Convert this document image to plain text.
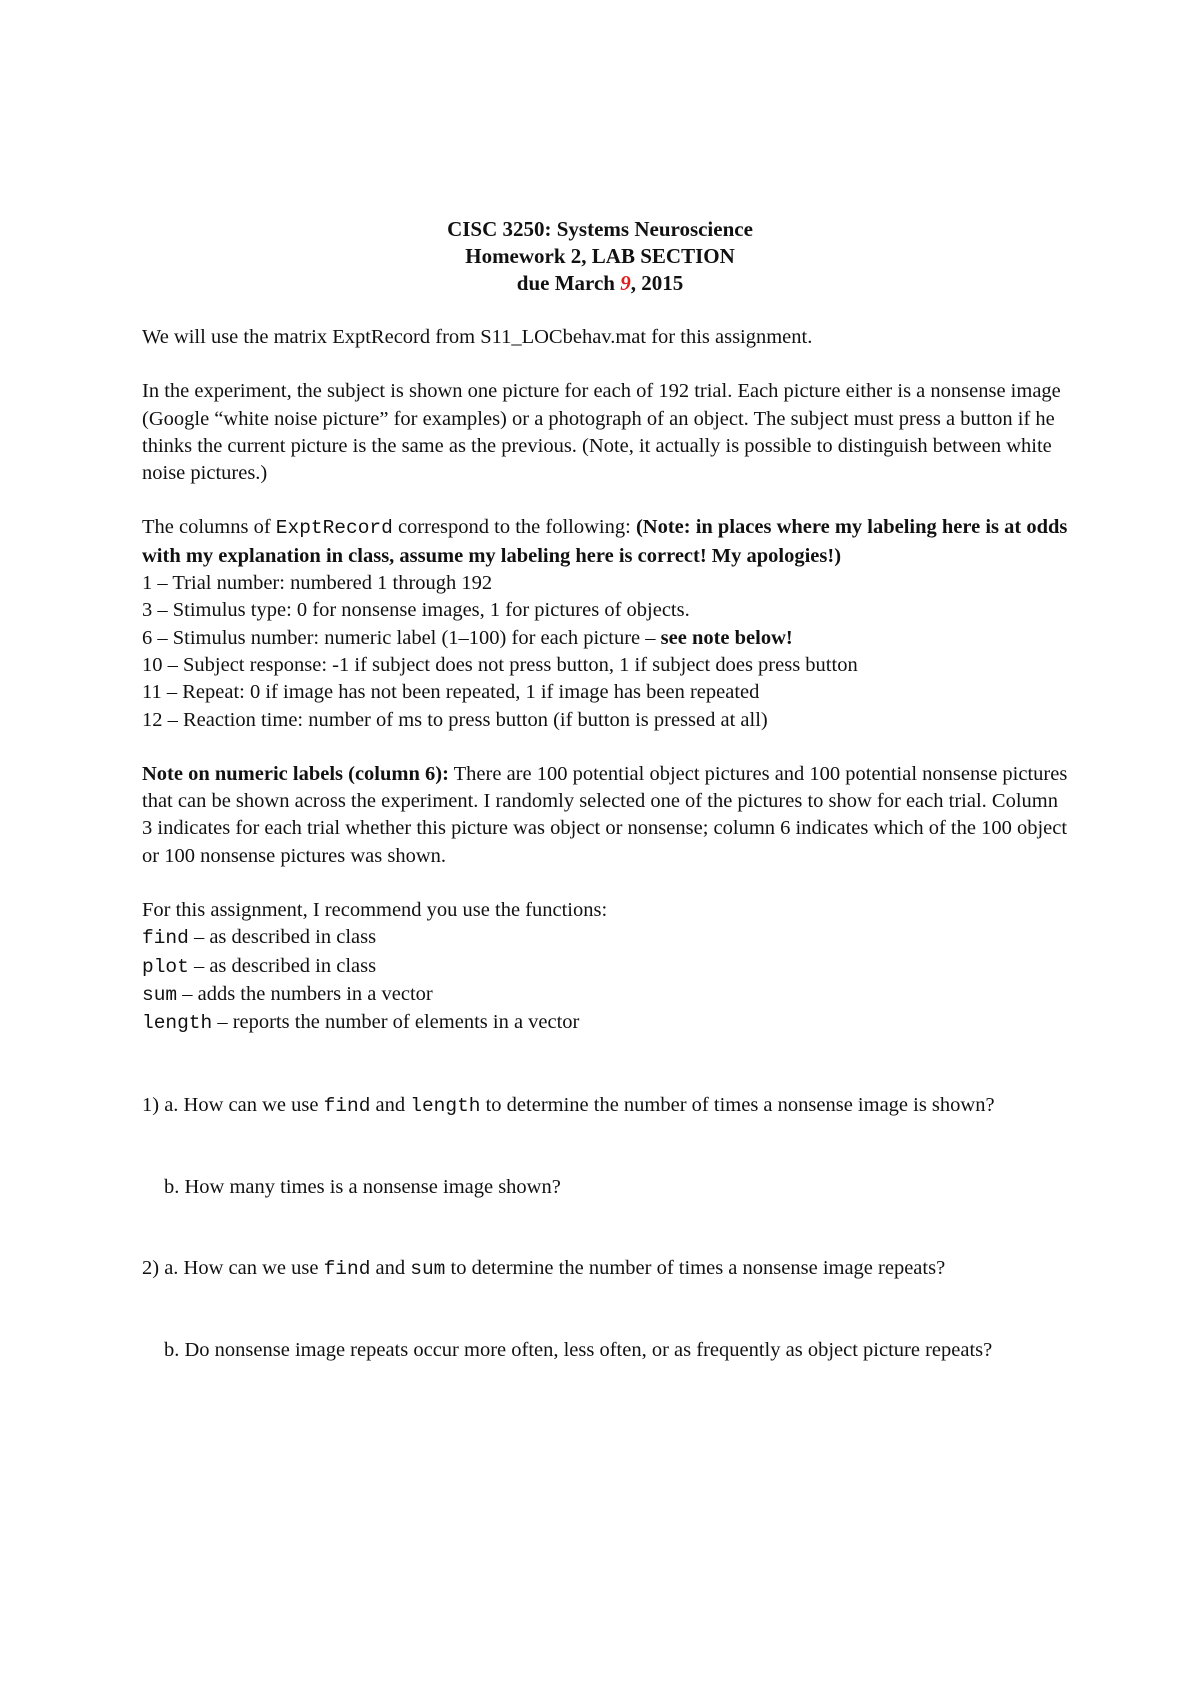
CISC 3250: Systems Neuroscience
Homework 2, LAB SECTION
due March 9, 2015

We will use the matrix ExptRecord from S11_LOCbehav.mat for this assignment.

In the experiment, the subject is shown one picture for each of 192 trial. Each picture either is a nonsense image (Google “white noise picture” for examples) or a photograph of an object. The subject must press a button if he thinks the current picture is the same as the previous. (Note, it actually is possible to distinguish between white noise pictures.)

The columns of ExptRecord correspond to the following: (Note: in places where my labeling here is at odds with my explanation in class, assume my labeling here is correct! My apologies!)

1 – Trial number: numbered 1 through 192

3 – Stimulus type: 0 for nonsense images, 1 for pictures of objects.

6 – Stimulus number: numeric label (1–100) for each picture – see note below!

10 – Subject response: -1 if subject does not press button, 1 if subject does press button

11 – Repeat: 0 if image has not been repeated, 1 if image has been repeated

12 – Reaction time: number of ms to press button (if button is pressed at all)

Note on numeric labels (column 6): There are 100 potential object pictures and 100 potential nonsense pictures that can be shown across the experiment. I randomly selected one of the pictures to show for each trial. Column 3 indicates for each trial whether this picture was object or nonsense; column 6 indicates which of the 100 object or 100 nonsense pictures was shown.

For this assignment, I recommend you use the functions:

find – as described in class

plot – as described in class

sum – adds the numbers in a vector

length – reports the number of elements in a vector

1) a. How can we use find and length to determine the number of times a nonsense image is shown?

b. How many times is a nonsense image shown?

2) a. How can we use find and sum to determine the number of times a nonsense image repeats?

b. Do nonsense image repeats occur more often, less often, or as frequently as object picture repeats?
